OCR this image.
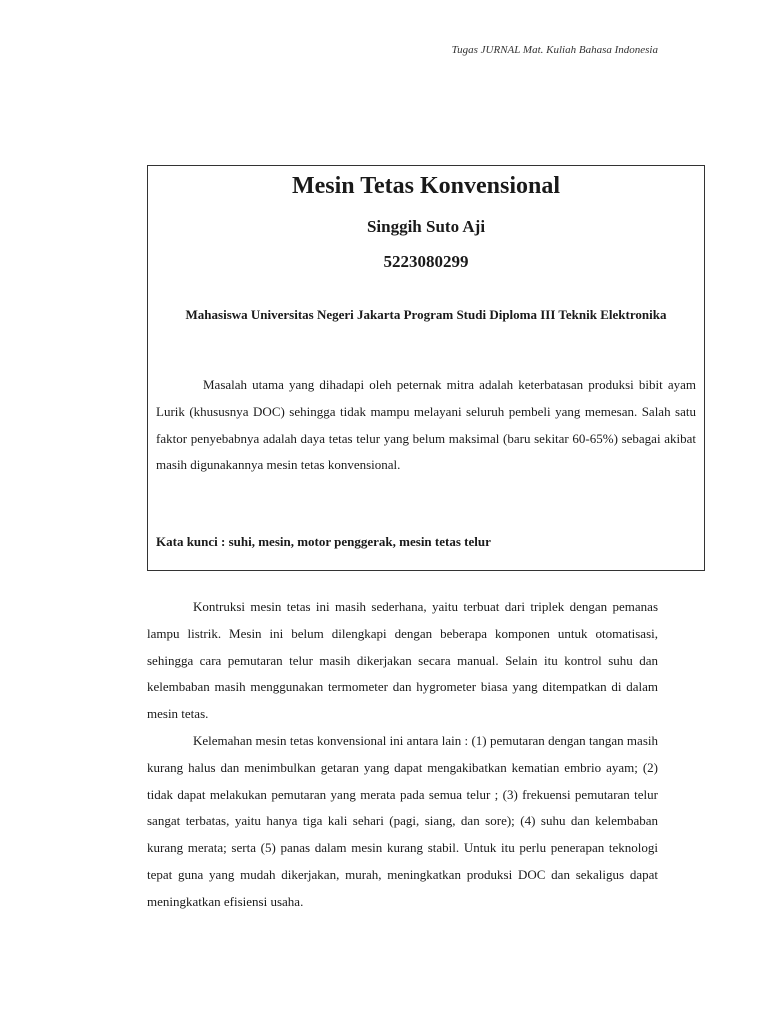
Tugas JURNAL Mat. Kuliah Bahasa Indonesia

Mesin Tetas Konvensional

Singgih Suto Aji

5223080299

Mahasiswa Universitas Negeri Jakarta Program Studi Diploma III Teknik Elektronika

Masalah utama yang dihadapi oleh peternak mitra adalah keterbatasan produksi bibit ayam Lurik (khususnya DOC) sehingga tidak mampu melayani seluruh pembeli yang memesan. Salah satu faktor penyebabnya adalah daya tetas telur yang belum maksimal (baru sekitar 60-65%) sebagai akibat masih digunakannya mesin tetas konvensional.

Kata kunci : suhi, mesin, motor penggerak, mesin tetas telur

Kontruksi mesin tetas ini masih sederhana, yaitu terbuat dari triplek dengan pemanas lampu listrik. Mesin ini belum dilengkapi dengan beberapa komponen untuk otomatisasi, sehingga cara pemutaran telur masih dikerjakan secara manual. Selain itu kontrol suhu dan kelembaban masih menggunakan termometer dan hygrometer biasa yang ditempatkan di dalam mesin tetas.

Kelemahan mesin tetas konvensional ini antara lain : (1) pemutaran dengan tangan masih kurang halus dan menimbulkan getaran yang dapat mengakibatkan kematian embrio ayam; (2) tidak dapat melakukan pemutaran yang merata pada semua telur ; (3) frekuensi pemutaran telur sangat terbatas, yaitu hanya tiga kali sehari (pagi, siang, dan sore); (4) suhu dan kelembaban kurang merata; serta (5) panas dalam mesin kurang stabil. Untuk itu perlu penerapan teknologi tepat guna yang mudah dikerjakan, murah, meningkatkan produksi DOC dan sekaligus dapat meningkatkan efisiensi usaha.
